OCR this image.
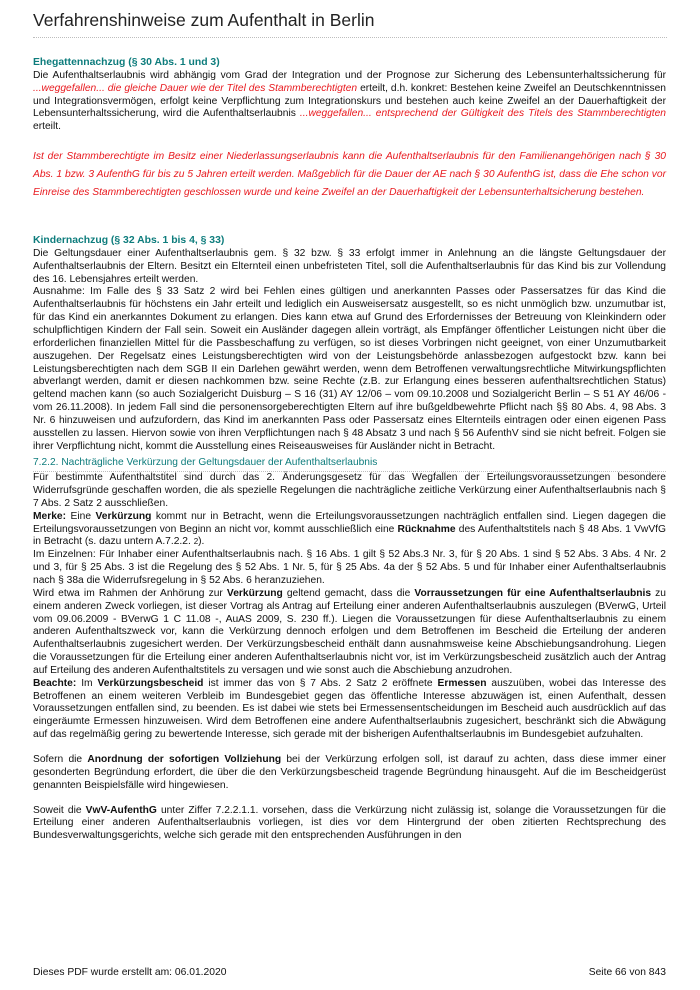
Verfahrenshinweise zum Aufenthalt in Berlin

Ehegattennachzug (§ 30 Abs. 1 und 3)

Die Aufenthaltserlaubnis wird abhängig vom Grad der Integration und der Prognose zur Sicherung des Lebensunterhaltssicherung für ...weggefallen... die gleiche Dauer wie der Titel des Stammberechtigten erteilt, d.h. konkret: Bestehen keine Zweifel an Deutschkenntnissen und Integrationsvermögen, erfolgt keine Verpflichtung zum Integrationskurs und bestehen auch keine Zweifel an der Dauerhaftigkeit der Lebensunterhaltssicherung, wird die Aufenthaltserlaubnis ...weggefallen... entsprechend der Gültigkeit des Titels des Stammberechtigten erteilt.

Ist der Stammberechtigte im Besitz einer Niederlassungserlaubnis kann die Aufenthaltserlaubnis für den Familienangehörigen nach § 30 Abs. 1 bzw. 3 AufenthG für bis zu 5 Jahren erteilt werden. Maßgeblich für die Dauer der AE nach § 30 AufenthG ist, dass die Ehe schon vor Einreise des Stammberechtigten geschlossen wurde und keine Zweifel an der Dauerhaftigkeit der Lebensunterhaltsicherung bestehen.

Kindernachzug (§ 32 Abs. 1 bis 4, § 33)

Die Geltungsdauer einer Aufenthaltserlaubnis gem. § 32 bzw. § 33 erfolgt immer in Anlehnung an die längste Geltungsdauer der Aufenthaltserlaubnis der Eltern. Besitzt ein Elternteil einen unbefristeten Titel, soll die Aufenthaltserlaubnis für das Kind bis zur Vollendung des 16. Lebensjahres erteilt werden.

Ausnahme: Im Falle des § 33 Satz 2 wird bei Fehlen eines gültigen und anerkannten Passes oder Passersatzes für das Kind die Aufenthaltserlaubnis für höchstens ein Jahr erteilt und lediglich ein Ausweisersatz ausgestellt, so es nicht unmöglich bzw. unzumutbar ist, für das Kind ein anerkanntes Dokument zu erlangen. Dies kann etwa auf Grund des Erfordernisses der Betreuung von Kleinkindern oder schulpflichtigen Kindern der Fall sein. Soweit ein Ausländer dagegen allein vorträgt, als Empfänger öffentlicher Leistungen nicht über die erforderlichen finanziellen Mittel für die Passbeschaffung zu verfügen, so ist dieses Vorbringen nicht geeignet, von einer Unzumutbarkeit auszugehen. Der Regelsatz eines Leistungsberechtigten wird von der Leistungsbehörde anlassbezogen aufgestockt bzw. kann bei Leistungsberechtigten nach dem SGB II ein Darlehen gewährt werden, wenn dem Betroffenen verwaltungsrechtliche Mitwirkungspflichten abverlangt werden, damit er diesen nachkommen bzw. seine Rechte (z.B. zur Erlangung eines besseren aufenthaltsrechtlichen Status) geltend machen kann (so auch Sozialgericht Duisburg – S 16 (31) AY 12/06 – vom 09.10.2008 und Sozialgericht Berlin – S 51 AY 46/06 - vom 26.11.2008). In jedem Fall sind die personensorgeberechtigten Eltern auf ihre bußgeldbewehrte Pflicht nach §§ 80 Abs. 4, 98 Abs. 3 Nr. 6 hinzuweisen und aufzufordern, das Kind im anerkannten Pass oder Passersatz eines Elternteils eintragen oder einen eigenen Pass ausstellen zu lassen. Hiervon sowie von ihren Verpflichtungen nach § 48 Absatz 3 und nach § 56 AufenthV sind sie nicht befreit. Folgen sie ihrer Verpflichtung nicht, kommt die Ausstellung eines Reiseausweises für Ausländer nicht in Betracht.

7.2.2. Nachträgliche Verkürzung der Geltungsdauer der Aufenthaltserlaubnis

Für bestimmte Aufenthaltstitel sind durch das 2. Änderungsgesetz für das Wegfallen der Erteilungsvoraussetzungen besondere Widerrufsgründe geschaffen worden, die als spezielle Regelungen die nachträgliche zeitliche Verkürzung einer Aufenthaltserlaubnis nach § 7 Abs. 2 Satz 2 ausschließen.

Merke: Eine Verkürzung kommt nur in Betracht, wenn die Erteilungsvoraussetzungen nachträglich entfallen sind. Liegen dagegen die Erteilungsvoraussetzungen von Beginn an nicht vor, kommt ausschließlich eine Rücknahme des Aufenthaltstitels nach § 48 Abs. 1 VwVfG in Betracht (s. dazu untern A.7.2.2. 2).

Im Einzelnen: Für Inhaber einer Aufenthaltserlaubnis nach. § 16 Abs. 1 gilt § 52 Abs.3 Nr. 3, für § 20 Abs. 1 sind § 52 Abs. 3 Abs. 4 Nr. 2 und 3, für § 25 Abs. 3 ist die Regelung des § 52 Abs. 1 Nr. 5, für § 25 Abs. 4a der § 52 Abs. 5 und für Inhaber einer Aufenthaltserlaubnis nach § 38a die Widerrufsregelung in § 52 Abs. 6 heranzuziehen.

Wird etwa im Rahmen der Anhörung zur Verkürzung geltend gemacht, dass die Vorraussetzungen für eine Aufenthaltserlaubnis zu einem anderen Zweck vorliegen, ist dieser Vortrag als Antrag auf Erteilung einer anderen Aufenthaltserlaubnis auszulegen (BVerwG, Urteil vom 09.06.2009 - BVerwG 1 C 11.08 -, AuAS 2009, S. 230 ff.). Liegen die Voraussetzungen für diese Aufenthaltserlaubnis zu einem anderen Aufenthaltszweck vor, kann die Verkürzung dennoch erfolgen und dem Betroffenen im Bescheid die Erteilung der anderen Aufenthaltserlaubnis zugesichert werden. Der Verkürzungsbescheid enthält dann ausnahmsweise keine Abschiebungsandrohung. Liegen die Voraussetzungen für die Erteilung einer anderen Aufenthaltserlaubnis nicht vor, ist im Verkürzungsbescheid zusätzlich auch der Antrag auf Erteilung des anderen Aufenthaltstitels zu versagen und wie sonst auch die Abschiebung anzudrohen.

Beachte: Im Verkürzungsbescheid ist immer das von § 7 Abs. 2 Satz 2 eröffnete Ermessen auszuüben, wobei das Interesse des Betroffenen an einem weiteren Verbleib im Bundesgebiet gegen das öffentliche Interesse abzuwägen ist, einen Aufenthalt, dessen Voraussetzungen entfallen sind, zu beenden. Es ist dabei wie stets bei Ermessensentscheidungen im Bescheid auch ausdrücklich auf das eingeräumte Ermessen hinzuweisen. Wird dem Betroffenen eine andere Aufenthaltserlaubnis zugesichert, beschränkt sich die Abwägung auf das regelmäßig gering zu bewertende Interesse, sich gerade mit der bisherigen Aufenthaltserlaubnis im Bundesgebiet aufzuhalten.

Sofern die Anordnung der sofortigen Vollziehung bei der Verkürzung erfolgen soll, ist darauf zu achten, dass diese immer einer gesonderten Begründung erfordert, die über die den Verkürzungsbescheid tragende Begründung hinausgeht. Auf die im Bescheidgerüst genannten Beispielsfälle wird hingewiesen.

Soweit die VwV-AufenthG unter Ziffer 7.2.2.1.1. vorsehen, dass die Verkürzung nicht zulässig ist, solange die Voraussetzungen für die Erteilung einer anderen Aufenthaltserlaubnis vorliegen, ist dies vor dem Hintergrund der oben zitierten Rechtsprechung des Bundesverwaltungsgerichts, welche sich gerade mit den entsprechenden Ausführungen in den

Dieses PDF wurde erstellt am: 06.01.2020	Seite 66 von 843
